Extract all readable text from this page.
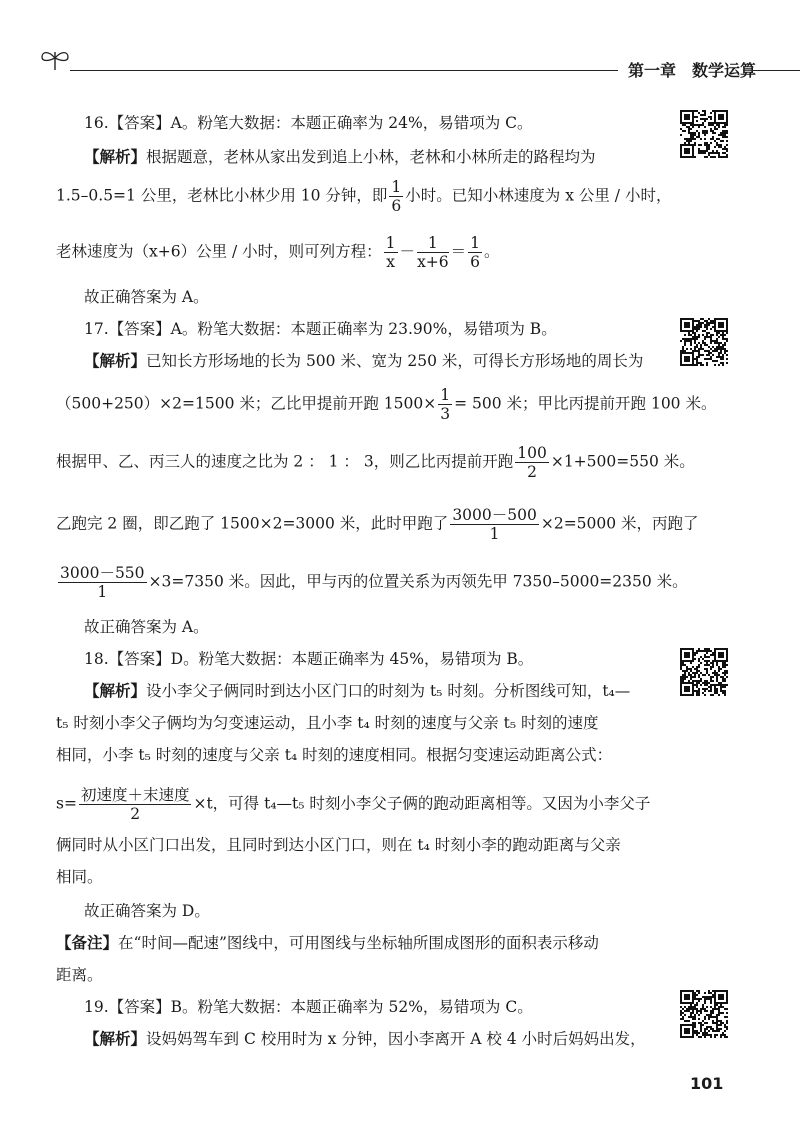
第一章　数学运算
16.【答案】A。粉笔大数据：本题正确率为 24%，易错项为 C。
【解析】根据题意，老林从家出发到追上小林，老林和小林所走的路程均为
1.5–0.5=1 公里，老林比小林少用 10 分钟，即 $\frac{1}{6}$ 小时。已知小林速度为 x 公里 / 小时，
老林速度为（x+6）公里 / 小时，则可列方程： $\frac{1}{x} - \frac{1}{x+6} = \frac{1}{6}$ 。
故正确答案为 A。
17.【答案】A。粉笔大数据：本题正确率为 23.90%，易错项为 B。
【解析】已知长方形场地的长为 500 米、宽为 250 米，可得长方形场地的周长为
（500+250）×2=1500 米；乙比甲提前开跑 $1500\times \frac{1}{3} = 500$ 米；甲比丙提前开跑 100 米。
根据甲、乙、丙三人的速度之比为 2 ： 1 ： 3，则乙比丙提前开跑 $\frac{100}{2} \times 1+500=550$ 米。
乙跑完 2 圈，即乙跑了 1500×2=3000 米，此时甲跑了 $\frac{3000-500}{1} \times 2=5000$ 米，丙跑了
$\frac{3000-550}{1} \times 3=7350$ 米。因此，甲与丙的位置关系为丙领先甲 7350–5000=2350 米。
故正确答案为 A。
18.【答案】D。粉笔大数据：本题正确率为 45%，易错项为 B。
【解析】设小李父子俩同时到达小区门口的时刻为 t₅ 时刻。分析图线可知，t₄—
t₅ 时刻小李父子俩均为匀变速运动，且小李 t₄ 时刻的速度与父亲 t₅ 时刻的速度
相同，小李 t₅ 时刻的速度与父亲 t₄ 时刻的速度相同。根据匀变速运动距离公式：
$s= \frac{\text{初速度＋末速度}}{2} \times t$，可得 t₄—t₅ 时刻小李父子俩的跑动距离相等。又因为小李父子
俩同时从小区门口出发，且同时到达小区门口，则在 t₄ 时刻小李的跑动距离与父亲
相同。
故正确答案为 D。
【备注】在“时间—配速”图线中，可用图线与坐标轴所围成图形的面积表示移动
距离。
19.【答案】B。粉笔大数据：本题正确率为 52%，易错项为 C。
【解析】设妈妈驾车到 C 校用时为 x 分钟，因小李离开 A 校 4 小时后妈妈出发，
101
